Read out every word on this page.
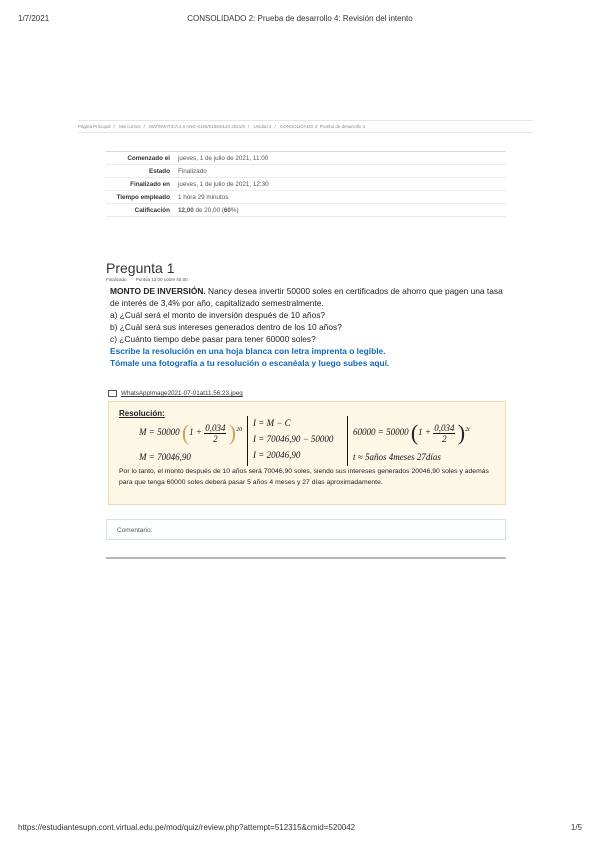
1/7/2021	CONSOLIDADO 2: Prueba de desarrollo 4: Revisión del intento
Página Principal / Mis cursos / MATEMATICA 2.0 ANG-0156/0156/0124 2021/0 / Unidad 4 / CONSOLIDADO 2: Prueba de desarrollo 4
Comenzado el	jueves, 1 de julio de 2021, 11:00
Estado	Finalizado
Finalizado en	jueves, 1 de julio de 2021, 12:30
Tiempo empleado	1 hora 29 minutos
Calificación	12,00 de 20,00 (60%)
Pregunta 1
Finalizado Puntúa 12,00 sobre 40,00
MONTO DE INVERSIÓN. Nancy desea invertir 50000 soles en certificados de ahorro que pagen una tasa de interés de 3,4% por año, capitalizado semestralmente.
a) ¿Cuál será el monto de inversión después de 10 años?
b) ¿Cuál será sus intereses generados dentro de los 10 años?
c) ¿Cuánto tiempo debe pasar para tener 60000 soles?
Escribe la resolución en una hoja blanca con letra imprenta o legible.
Tómale una fotografía a tu resolución o escanéala y luego subes aquí.
WhatsAppImage2021-07-01at11.56.23.jpeg
Resolución:
M = 50000 $(1 + \frac{0,034}{2} )^{20}$
M = 70046,90
I = M − C
I = 70046,90 − 50000
I = 20046,90
60000 = 50000 $(1 + \frac{0,034}{2} )^{2t}$
t ≈ 5años 4meses 27días
Por lo tanto, el monto después de 10 años será 70046,90 soles, siendo sus intereses generados 20046,90 soles y además para que tenga 60000 soles deberá pasar 5 años 4 meses y 27 días aproximadamente.
Comentario:
https://estudiantesupn.cont.virtual.edu.pe/mod/quiz/review.php?attempt=512315&cmid=520042	1/5
